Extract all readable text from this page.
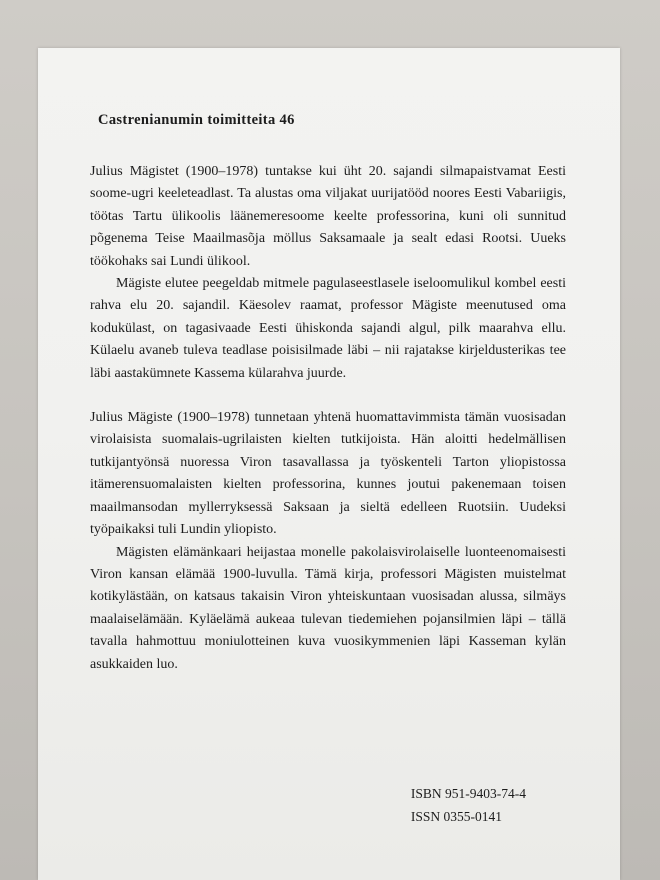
Castrenianumin toimitteita 46

Julius Mägistet (1900–1978) tuntakse kui üht 20. sajandi silmapaistvamat Eesti soome-ugri keeleteadlast. Ta alustas oma viljakat uurijatööd noores Eesti Vabariigis, töötas Tartu ülikoolis läänemeresoome keelte professorina, kuni oli sunnitud põgenema Teise Maailmasõja möllus Saksamaale ja sealt edasi Rootsi. Uueks töökohaks sai Lundi ülikool.

Mägiste elutee peegeldab mitmele pagulaseestlasele iseloomulikul kombel eesti rahva elu 20. sajandil. Käesolev raamat, professor Mägiste meenutused oma kodukülast, on tagasivaade Eesti ühiskonda sajandi algul, pilk maarahva ellu. Külaelu avaneb tuleva teadlase poisisilmade läbi – nii rajatakse kirjeldusterikas tee läbi aastakümnete Kassema külarahva juurde.

Julius Mägiste (1900–1978) tunnetaan yhtenä huomattavimmista tämän vuosisadan virolaisista suomalais-ugrilaisten kielten tutkijoista. Hän aloitti hedelmällisen tutkijantyönsä nuoressa Viron tasavallassa ja työskenteli Tarton yliopistossa itämerensuomalaisten kielten professorina, kunnes joutui pakenemaan toisen maailmansodan myllerryksessä Saksaan ja sieltä edelleen Ruotsiin. Uudeksi työpaikaksi tuli Lundin yliopisto.

Mägisten elämänkaari heijastaa monelle pakolaisvirolaiselle luonteenomaisesti Viron kansan elämää 1900-luvulla. Tämä kirja, professori Mägisten muistelmat kotikylästään, on katsaus takaisin Viron yhteiskuntaan vuosisadan alussa, silmäys maalaiselämään. Kyläelämä aukeaa tulevan tiedemiehen pojansilmien läpi – tällä tavalla hahmottuu moniulotteinen kuva vuosikymmenien läpi Kasseman kylän asukkaiden luo.

ISBN 951-9403-74-4
ISSN 0355-0141
